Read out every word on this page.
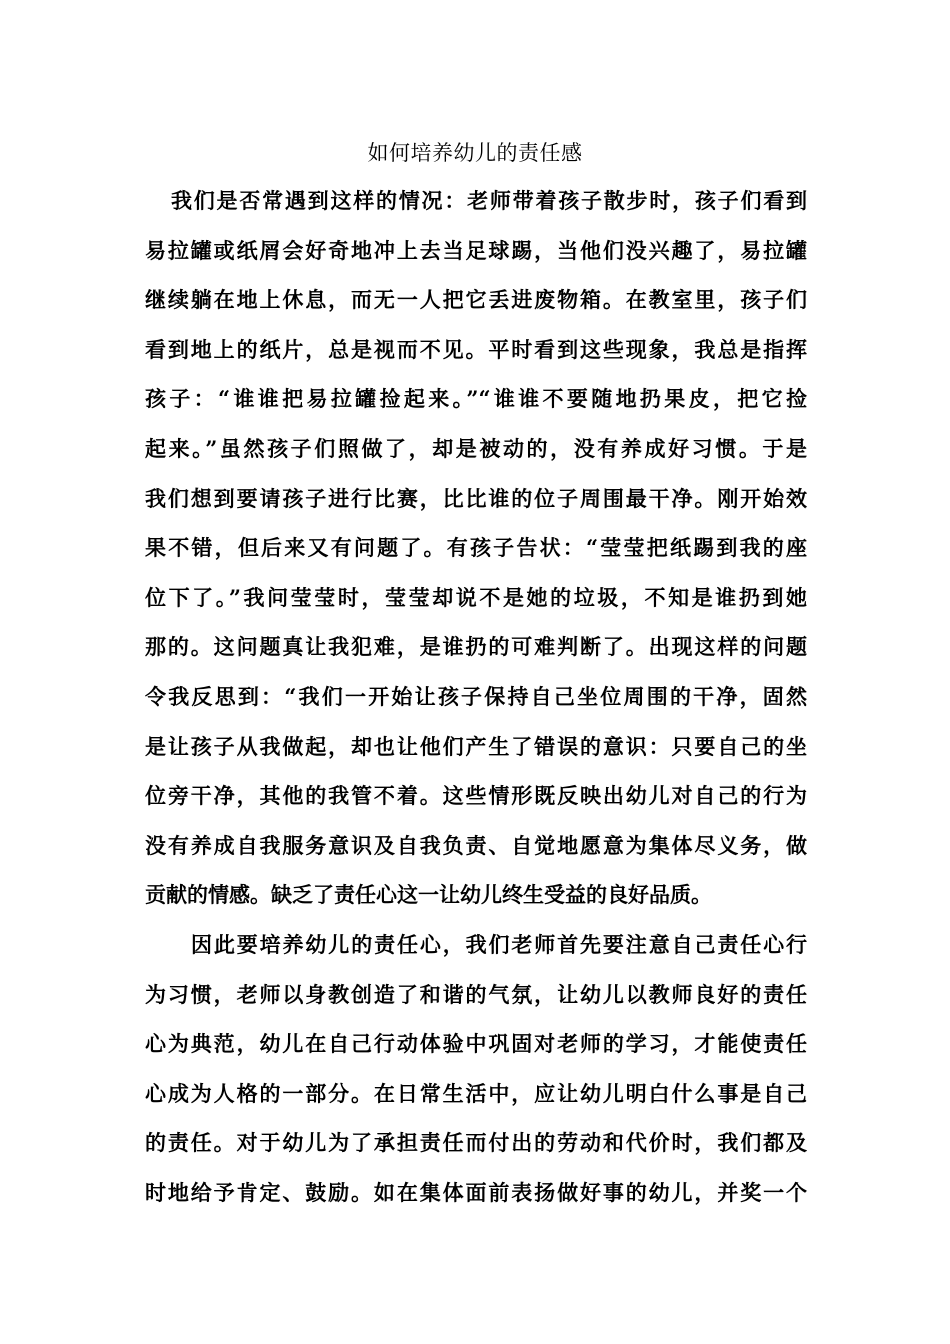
如何培养幼儿的责任感
我们是否常遇到这样的情况：老师带着孩子散步时，孩子们看到
易拉罐或纸屑会好奇地冲上去当足球踢，当他们没兴趣了，易拉罐
继续躺在地上休息，而无一人把它丢进废物箱。在教室里，孩子们
看到地上的纸片，总是视而不见。平时看到这些现象，我总是指挥
孩子：“谁谁把易拉罐捡起来。”“谁谁不要随地扔果皮，把它捡
起来。”虽然孩子们照做了，却是被动的，没有养成好习惯。于是
我们想到要请孩子进行比赛，比比谁的位子周围最干净。刚开始效
果不错，但后来又有问题了。有孩子告状：“莹莹把纸踢到我的座
位下了。”我问莹莹时，莹莹却说不是她的垃圾，不知是谁扔到她
那的。这问题真让我犯难，是谁扔的可难判断了。出现这样的问题
令我反思到：“我们一开始让孩子保持自己坐位周围的干净，固然
是让孩子从我做起，却也让他们产生了错误的意识：只要自己的坐
位旁干净，其他的我管不着。这些情形既反映出幼儿对自己的行为
没有养成自我服务意识及自我负责、自觉地愿意为集体尽义务，做
贡献的情感。缺乏了责任心这一让幼儿终生受益的良好品质。
因此要培养幼儿的责任心，我们老师首先要注意自己责任心行
为习惯，老师以身教创造了和谐的气氛，让幼儿以教师良好的责任
心为典范，幼儿在自己行动体验中巩固对老师的学习，才能使责任
心成为人格的一部分。在日常生活中，应让幼儿明白什么事是自己
的责任。对于幼儿为了承担责任而付出的劳动和代价时，我们都及
时地给予肯定、鼓励。如在集体面前表扬做好事的幼儿，并奖一个
